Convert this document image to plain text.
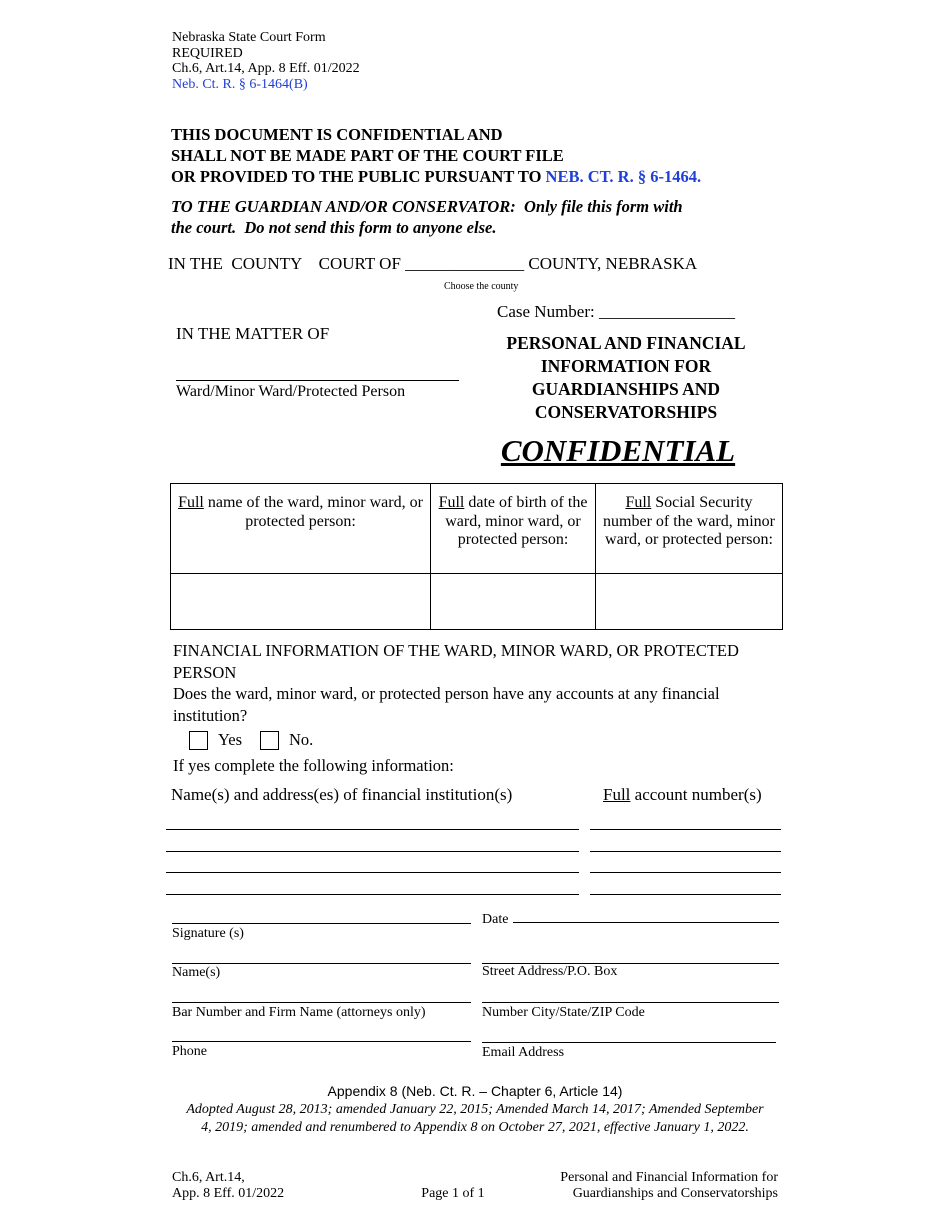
Nebraska State Court Form
REQUIRED
Ch.6, Art.14, App. 8 Eff. 01/2022
Neb. Ct. R. § 6-1464(B)
THIS DOCUMENT IS CONFIDENTIAL AND
SHALL NOT BE MADE PART OF THE COURT FILE
OR PROVIDED TO THE PUBLIC PURSUANT TO NEB. CT. R. § 6-1464.
TO THE GUARDIAN AND/OR CONSERVATOR:  Only file this form with
the court.  Do not send this form to anyone else.
IN THE  COUNTY    COURT OF ______________ COUNTY, NEBRASKA
Choose the county
Case Number: ________________
IN THE MATTER OF
Ward/Minor Ward/Protected Person
PERSONAL AND FINANCIAL
INFORMATION FOR
GUARDIANSHIPS AND
CONSERVATORSHIPS
CONFIDENTIAL
Full name of the ward, minor ward, or protected person:	Full date of birth of the ward, minor ward, or protected person:	Full Social Security number of the ward, minor ward, or protected person:

FINANCIAL INFORMATION OF THE WARD, MINOR WARD, OR PROTECTED PERSON
Does the ward, minor ward, or protected person have any accounts at any financial institution?
Yes	No.
If yes complete the following information:
Name(s) and address(es) of financial institution(s)	Full account number(s)
Signature (s)
Date
Name(s)	Street Address/P.O. Box
Bar Number and Firm Name (attorneys only)	Number City/State/ZIP Code
Phone	Email Address
Appendix 8 (Neb. Ct. R. – Chapter 6, Article 14)
Adopted August 28, 2013; amended January 22, 2015; Amended March 14, 2017; Amended September 4, 2019; amended and renumbered to Appendix 8 on October 27, 2021, effective January 1, 2022.
Ch.6, Art.14,
App. 8 Eff. 01/2022	Page 1 of 1
Personal and Financial Information for
Guardianships and Conservatorships
